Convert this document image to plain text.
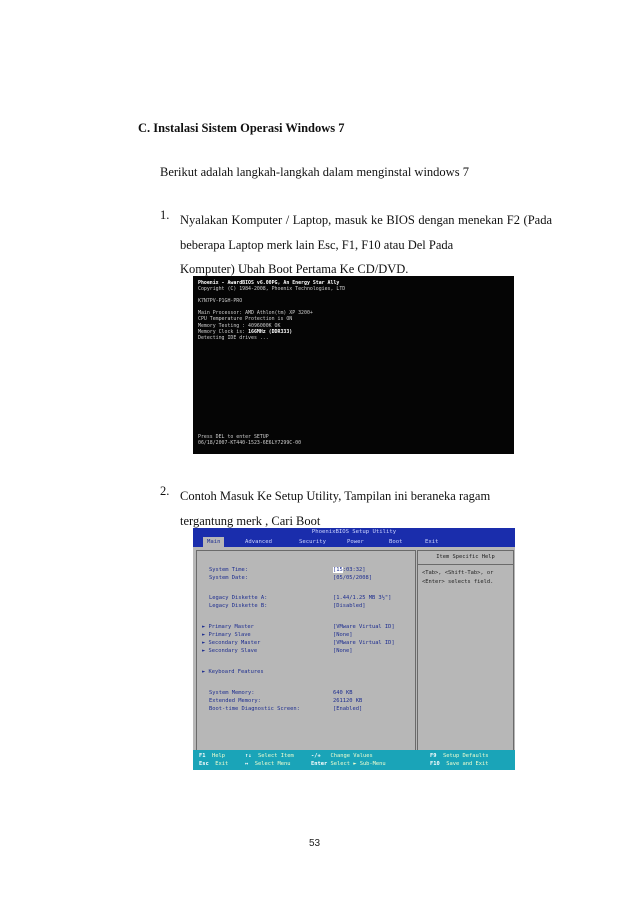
C. Instalasi Sistem Operasi Windows 7
Berikut adalah langkah-langkah dalam menginstal windows 7
1. Nyalakan Komputer / Laptop, masuk ke BIOS dengan menekan F2 (Pada beberapa Laptop merk lain Esc, F1, F10 atau Del Pada
Komputer) Ubah Boot Pertama Ke CD/DVD.
Phoenix - AwardBIOS v6.00PG, An Energy Star Ally
Copyright (C) 1984-2008, Phoenix Technologies, LTD
K7N7PV-P1GH-PRO
Main Processor: AMD Athlon(tm) XP 3200+
CPU Temperature Protection is ON
Memory Testing : 4096000K OK
Memory Clock is: 166MHz (DDR333)
Detecting IDE drives ...
Press DEL to enter SETUP
06/18/2007-KT440-1523-6E6LY7299C-00
2. Contoh Masuk Ke Setup Utility, Tampilan ini beraneka ragam
tergantung merk , Cari Boot
PhoenixBIOS Setup Utility
Main	Advanced	Security	Power	Boot	Exit
System Time:	[15:03:32]
System Date:	[05/05/2008]
Legacy Diskette A:	[1.44/1.25 MB 3½"]
Legacy Diskette B:	[Disabled]
► Primary Master	[VMware Virtual ID]
► Primary Slave	[None]
► Secondary Master	[VMware Virtual ID]
► Secondary Slave	[None]
► Keyboard Features
System Memory:	640 KB
Extended Memory:	261120 KB
Boot-time Diagnostic Screen:	[Enabled]
Item Specific Help
<Tab>, <Shift-Tab>, or <Enter> selects field.
F1 Help	↑↓ Select Item	-/+ Change Values	F9 Setup Defaults
Esc Exit	↔ Select Menu	Enter Select ► Sub-Menu	F10 Save and Exit
53
